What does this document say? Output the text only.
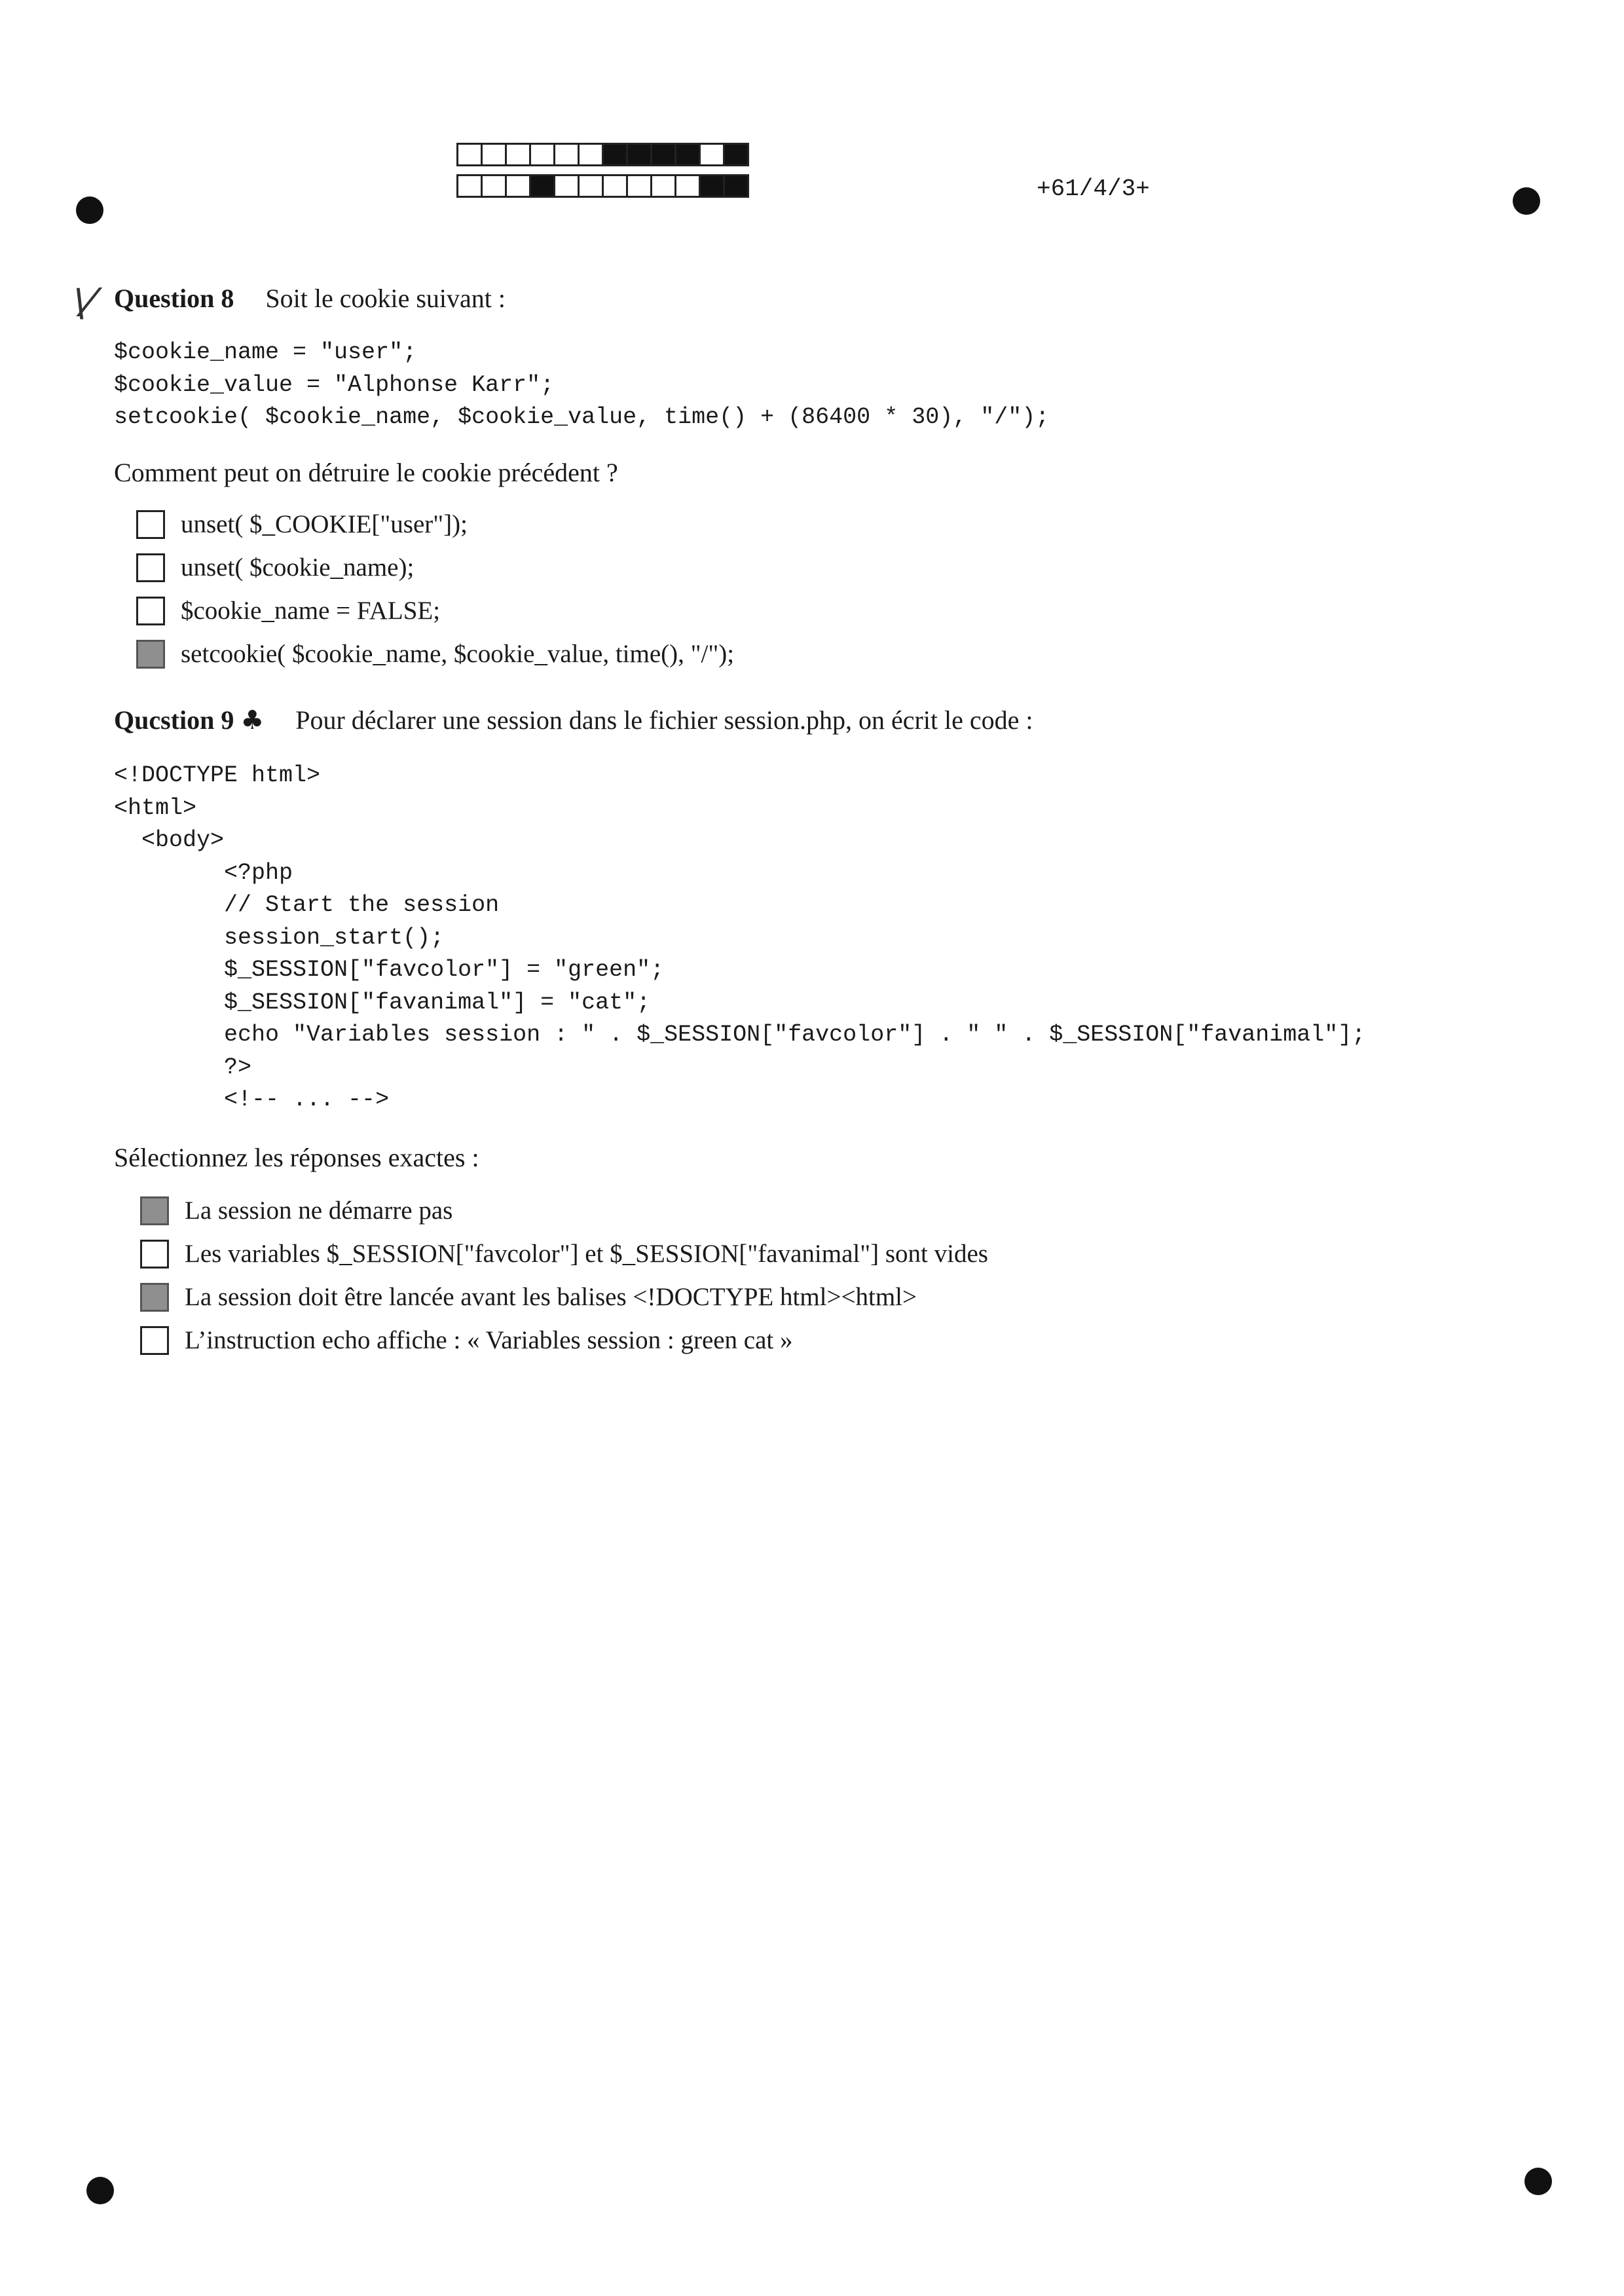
+61/4/3+
\⁄ Question 8 Soit le cookie suivant :
$cookie_name = "user";
$cookie_value = "Alphonse Karr";
setcookie( $cookie_name, $cookie_value, time() + (86400 * 30), "/");
Comment peut on détruire le cookie précédent ?
unset( $_COOKIE["user"]);
unset( $cookie_name);
$cookie_name = FALSE;
setcookie( $cookie_name, $cookie_value, time(), "/");
Qucstion 9 ♣ Pour déclarer une session dans le fichier session.php, on écrit le code :
<!DOCTYPE html>
<html>
<body>
<?php
// Start the session
session_start();
$_SESSION["favcolor"] = "green";
$_SESSION["favanimal"] = "cat";
echo "Variables session : " . $_SESSION["favcolor"] . " " . $_SESSION["favanimal"];
?>
<!-- ... -->
Sélectionnez les réponses exactes :
La session ne démarre pas
Les variables $_SESSION["favcolor"] et $_SESSION["favanimal"] sont vides
La session doit être lancée avant les balises <!DOCTYPE html><html>
L’instruction echo affiche : « Variables session : green cat »
